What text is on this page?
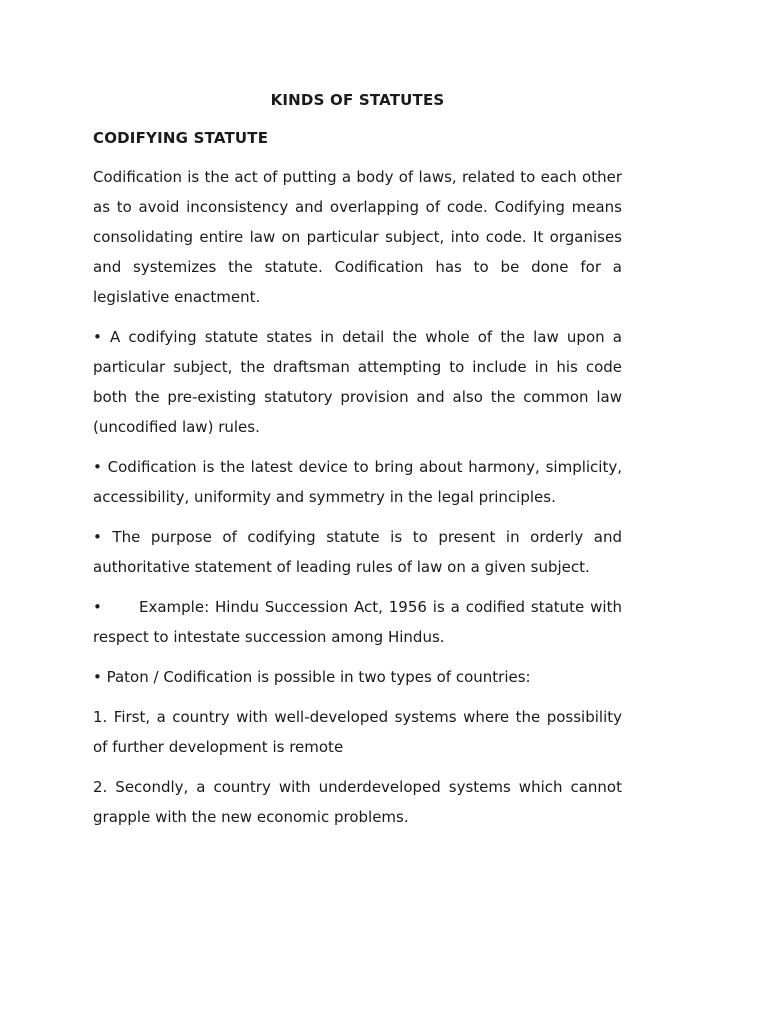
KINDS OF STATUTES
CODIFYING STATUTE

Codification is the act of putting a body of laws, related to each other as to avoid inconsistency and overlapping of code. Codifying means consolidating entire law on particular subject, into code. It organises and systemizes the statute. Codification has to be done for a legislative enactment.

• A codifying statute states in detail the whole of the law upon a particular subject, the draftsman attempting to include in his code both the pre-existing statutory provision and also the common law (uncodified law) rules.

• Codification is the latest device to bring about harmony, simplicity, accessibility, uniformity and symmetry in the legal principles.

• The purpose of codifying statute is to present in orderly and authoritative statement of leading rules of law on a given subject.

• Example: Hindu Succession Act, 1956 is a codified statute with respect to intestate succession among Hindus.

• Paton / Codification is possible in two types of countries:

1. First, a country with well-developed systems where the possibility of further development is remote

2. Secondly, a country with underdeveloped systems which cannot grapple with the new economic problems.
